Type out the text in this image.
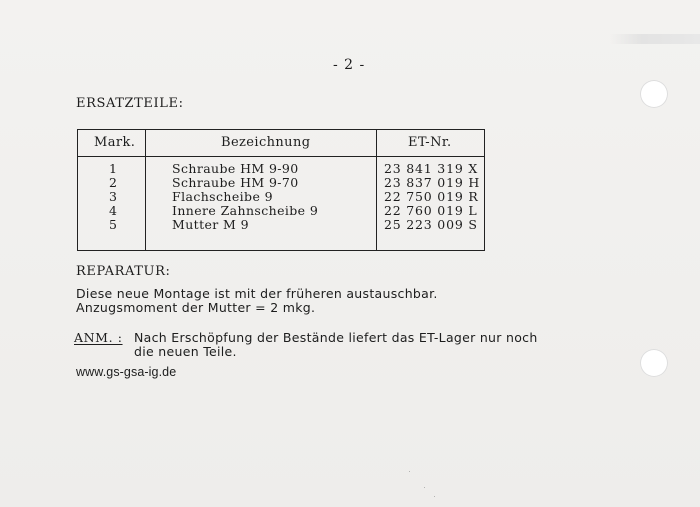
- 2 -
ERSATZTEILE:
Mark.	Bezeichnung	ET-Nr.
1	Schraube HM 9-90	23 841 319 X
2	Schraube HM 9-70	23 837 019 H
3	Flachscheibe 9	22 750 019 R
4	Innere Zahnscheibe 9	22 760 019 L
5	Mutter M 9	25 223 009 S
REPARATUR:
Diese neue Montage ist mit der früheren austauschbar.
Anzugsmoment der Mutter = 2 mkg.
ANM. : Nach Erschöpfung der Bestände liefert das ET-Lager nur noch
die neuen Teile.
www.gs-gsa-ig.de
